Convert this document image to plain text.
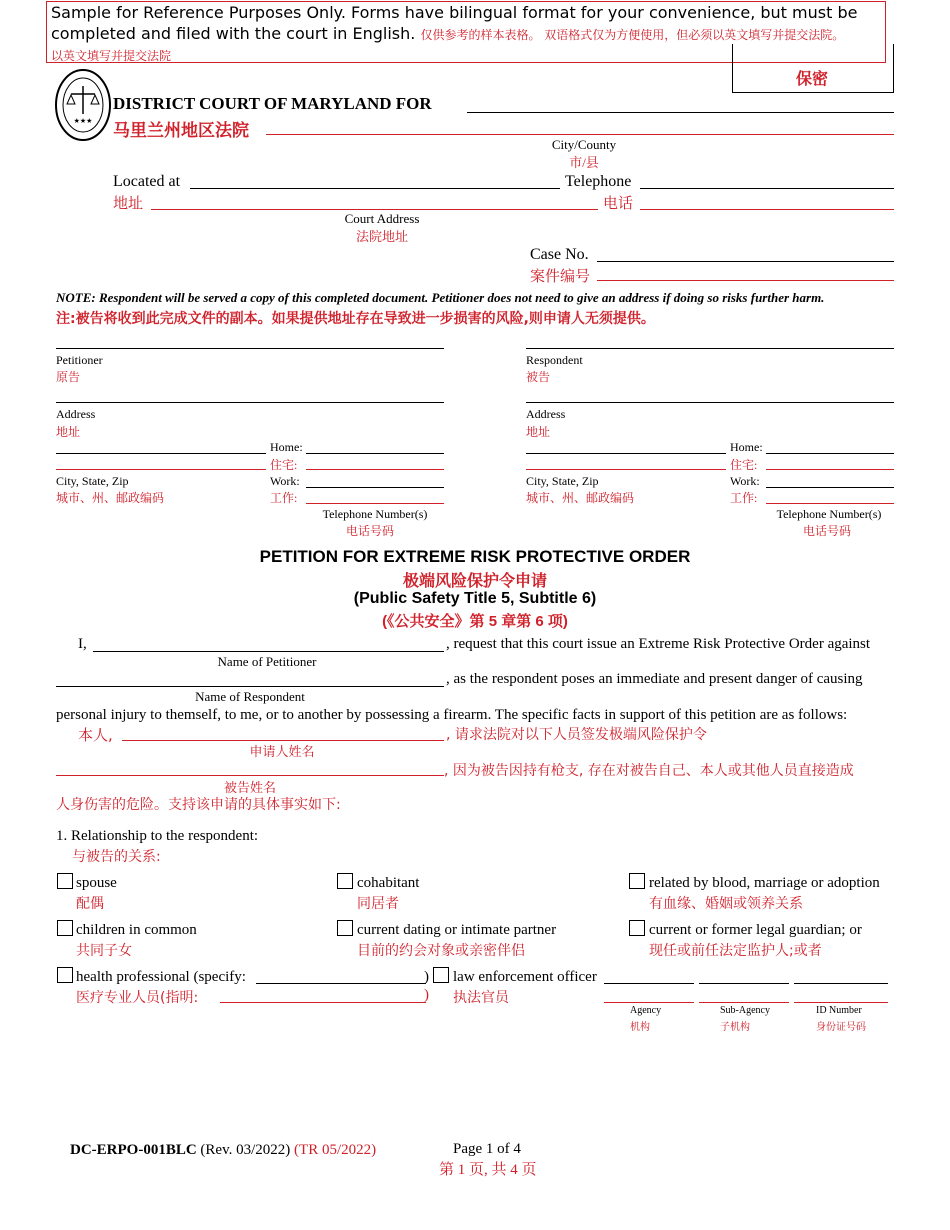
Sample for Reference Purposes Only. Forms have bilingual format for your convenience, but must be
completed and filed with the court in English. 仅供参考的样本表格。 双语格式仅为方便使用，但必须以英文填写并提交法院。
以英文填写并提交法院
保密
★★★
DISTRICT COURT OF MARYLAND FOR
马里兰州地区法院
City/County
市/县
Located at	Telephone
地址	电话
Court Address
法院地址
Case No.
案件编号
NOTE: Respondent will be served a copy of this completed document. Petitioner does not need to give an address if doing so risks further harm.
注:被告将收到此完成文件的副本。如果提供地址存在导致进一步损害的风险,则申请人无须提供。
Petitioner
原告
Address
地址
Home:
住宅:
City, State, Zip
城市、州、邮政编码
Work:
工作:
Telephone Number(s)
电话号码
Respondent
被告
Address
地址
Home:
住宅:
City, State, Zip
城市、州、邮政编码
Work:
工作:
Telephone Number(s)
电话号码
PETITION FOR EXTREME RISK PROTECTIVE ORDER
极端风险保护令申请
(Public Safety Title 5, Subtitle 6)
(《公共安全》第 5 章第 6 项)
I,	, request that this court issue an Extreme Risk Protective Order against
Name of Petitioner
, as the respondent poses an immediate and present danger of causing
Name of Respondent
personal injury to themself, to me, or to another by possessing a firearm. The specific facts in support of this petition are as follows:
本人,	, 请求法院对以下人员签发极端风险保护令
申请人姓名
, 因为被告因持有枪支, 存在对被告自己、本人或其他人员直接造成
被告姓名
人身伤害的危险。支持该申请的具体事实如下:
1. Relationship to the respondent:
与被告的关系:
spouse
配偶
cohabitant
同居者
related by blood, marriage or adoption
有血缘、婚姻或领养关系
children in common
共同子女
current dating or intimate partner
目前的约会对象或亲密伴侣
current or former legal guardian; or
现任或前任法定监护人;或者
health professional (specify:	)
医疗专业人员(指明:	)
law enforcement officer
执法官员
Agency
机构
Sub-Agency
子机构
ID Number
身份证号码
DC-ERPO-001BLC (Rev. 03/2022) (TR 05/2022)	Page 1 of 4
第 1 页, 共 4 页
